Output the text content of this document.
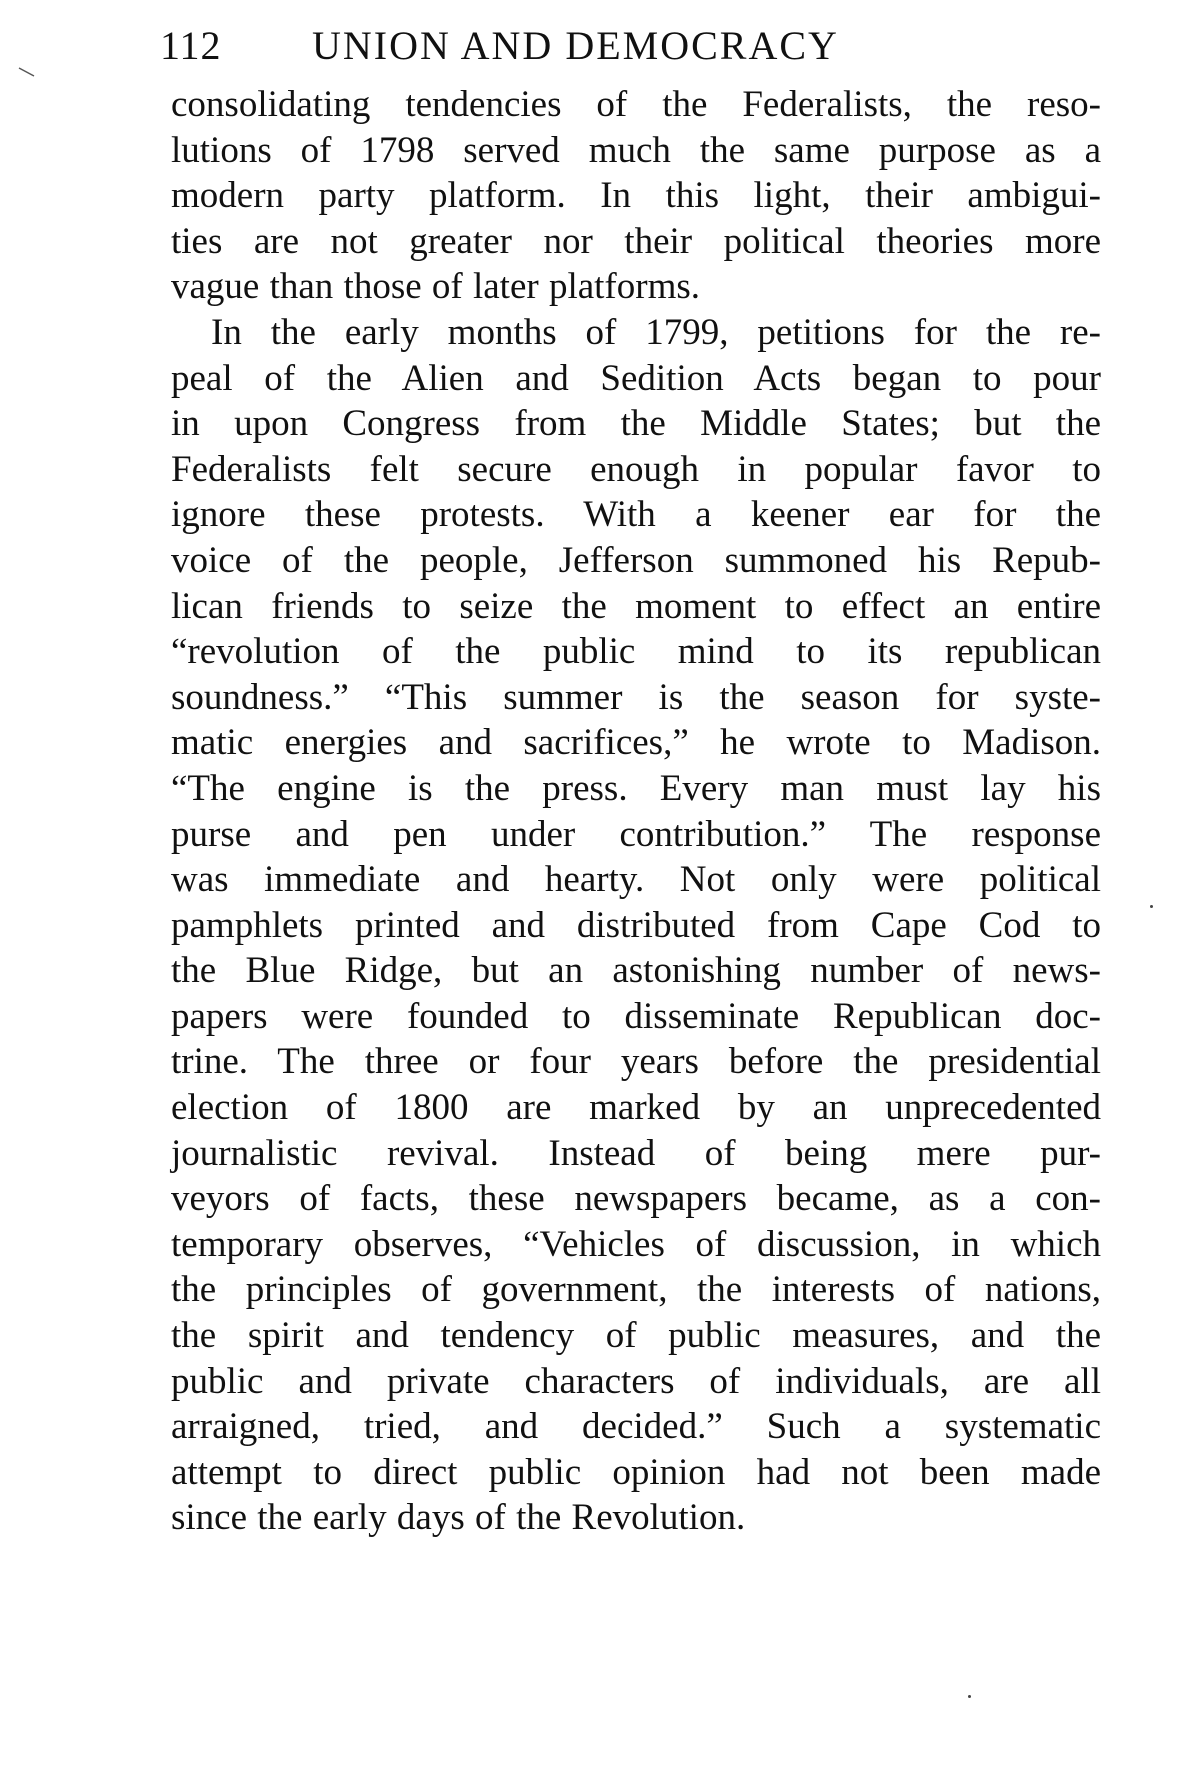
112 UNION AND DEMOCRACY
consolidating tendencies of the Federalists, the reso-
lutions of 1798 served much the same purpose as a
modern party platform. In this light, their ambigui-
ties are not greater nor their political theories more
vague than those of later platforms.
In the early months of 1799, petitions for the re-
peal of the Alien and Sedition Acts began to pour
in upon Congress from the Middle States; but the
Federalists felt secure enough in popular favor to
ignore these protests. With a keener ear for the
voice of the people, Jefferson summoned his Repub-
lican friends to seize the moment to effect an entire
“revolution of the public mind to its republican
soundness.” “This summer is the season for syste-
matic energies and sacrifices,” he wrote to Madison.
“The engine is the press. Every man must lay his
purse and pen under contribution.” The response
was immediate and hearty. Not only were political
pamphlets printed and distributed from Cape Cod to
the Blue Ridge, but an astonishing number of news-
papers were founded to disseminate Republican doc-
trine. The three or four years before the presidential
election of 1800 are marked by an unprecedented
journalistic revival. Instead of being mere pur-
veyors of facts, these newspapers became, as a con-
temporary observes, “Vehicles of discussion, in which
the principles of government, the interests of nations,
the spirit and tendency of public measures, and the
public and private characters of individuals, are all
arraigned, tried, and decided.” Such a systematic
attempt to direct public opinion had not been made
since the early days of the Revolution.
